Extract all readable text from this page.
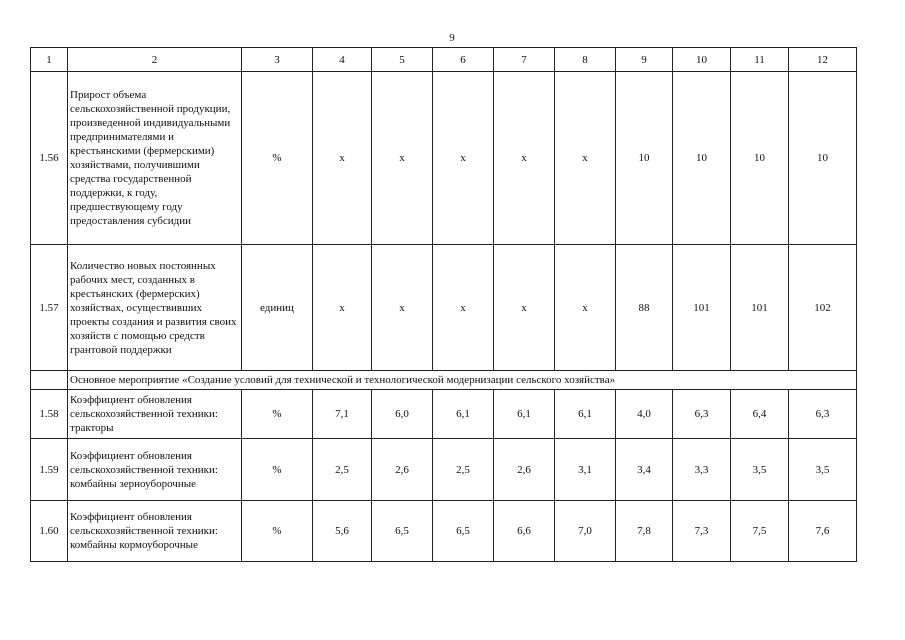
9
1	2	3	4	5	6	7	8	9	10	11	12
1.56	Прирост объема сельскохозяйственной продукции, произведенной индивидуальными предпринимателями и крестьянскими (фермерскими) хозяйствами, получившими средства государственной поддержки, к году, предшествующему году предоставления субсидии	%	х	х	х	х	х	10	10	10	10
1.57	Количество новых постоянных рабочих мест, созданных в крестьянских (фермерских) хозяйствах, осуществивших проекты создания и развития своих хозяйств с помощью средств грантовой поддержки	единиц	х	х	х	х	х	88	101	101	102
	Основное мероприятие «Создание условий для технической и технологической модернизации сельского хозяйства»										
1.58	Коэффициент обновления сельскохозяйственной техники: тракторы	%	7,1	6,0	6,1	6,1	6,1	4,0	6,3	6,4	6,3
1.59	Коэффициент обновления сельскохозяйственной техники: комбайны зерноуборочные	%	2,5	2,6	2,5	2,6	3,1	3,4	3,3	3,5	3,5
1.60	Коэффициент обновления сельскохозяйственной техники: комбайны кормоуборочные	%	5,6	6,5	6,5	6,6	7,0	7,8	7,3	7,5	7,6
